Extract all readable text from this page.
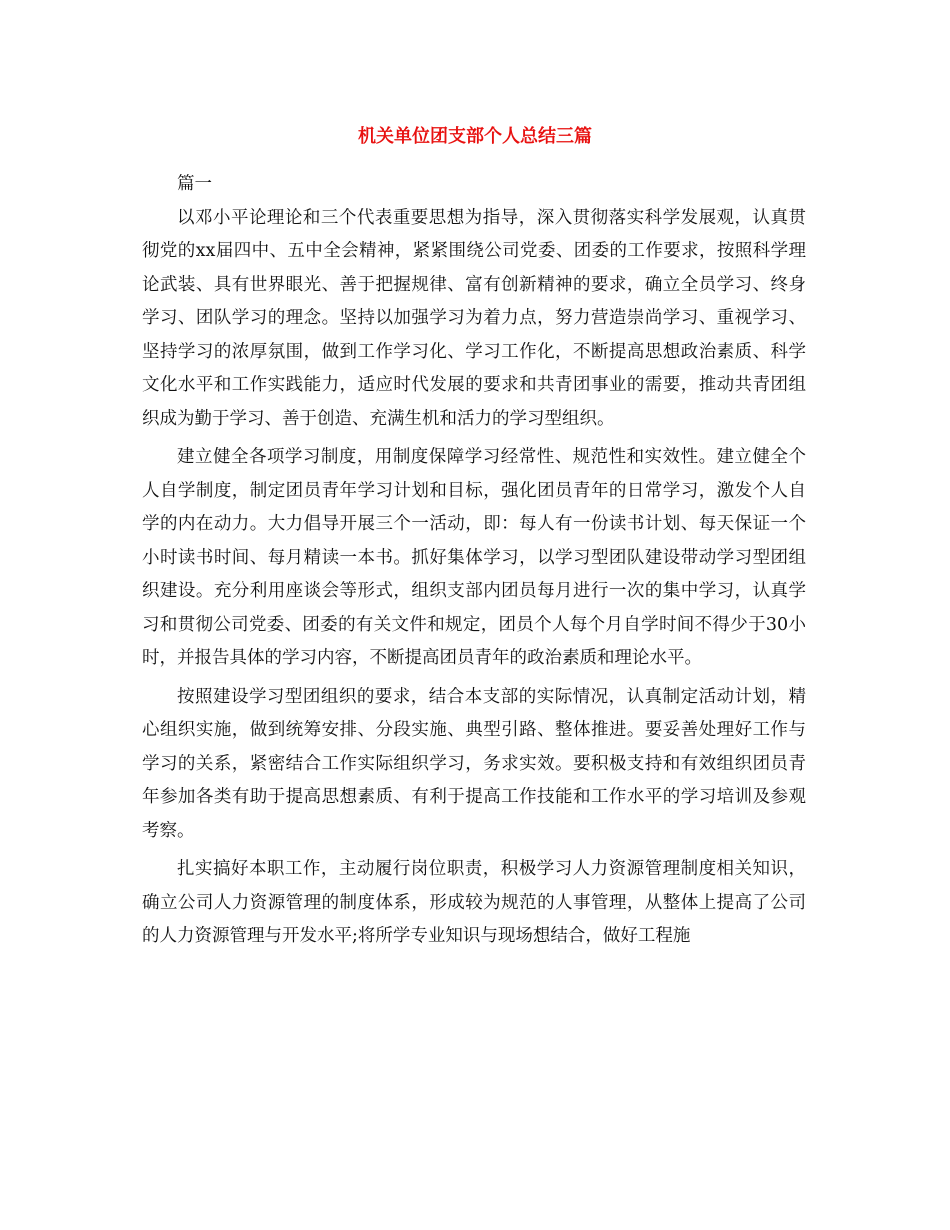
机关单位团支部个人总结三篇
篇一

以邓小平论理论和三个代表重要思想为指导，深入贯彻落实科学发展观，认真贯彻党的xx届四中、五中全会精神，紧紧围绕公司党委、团委的工作要求，按照科学理论武装、具有世界眼光、善于把握规律、富有创新精神的要求，确立全员学习、终身学习、团队学习的理念。坚持以加强学习为着力点，努力营造崇尚学习、重视学习、坚持学习的浓厚氛围，做到工作学习化、学习工作化，不断提高思想政治素质、科学文化水平和工作实践能力，适应时代发展的要求和共青团事业的需要，推动共青团组织成为勤于学习、善于创造、充满生机和活力的学习型组织。

建立健全各项学习制度，用制度保障学习经常性、规范性和实效性。建立健全个人自学制度，制定团员青年学习计划和目标，强化团员青年的日常学习，激发个人自学的内在动力。大力倡导开展三个一活动，即：每人有一份读书计划、每天保证一个小时读书时间、每月精读一本书。抓好集体学习，以学习型团队建设带动学习型团组织建设。充分利用座谈会等形式，组织支部内团员每月进行一次的集中学习，认真学习和贯彻公司党委、团委的有关文件和规定，团员个人每个月自学时间不得少于30小时，并报告具体的学习内容，不断提高团员青年的政治素质和理论水平。

按照建设学习型团组织的要求，结合本支部的实际情况，认真制定活动计划，精心组织实施，做到统筹安排、分段实施、典型引路、整体推进。要妥善处理好工作与学习的关系，紧密结合工作实际组织学习，务求实效。要积极支持和有效组织团员青年参加各类有助于提高思想素质、有利于提高工作技能和工作水平的学习培训及参观考察。

扎实搞好本职工作，主动履行岗位职责，积极学习人力资源管理制度相关知识，确立公司人力资源管理的制度体系，形成较为规范的人事管理，从整体上提高了公司的人力资源管理与开发水平;将所学专业知识与现场想结合，做好工程施
